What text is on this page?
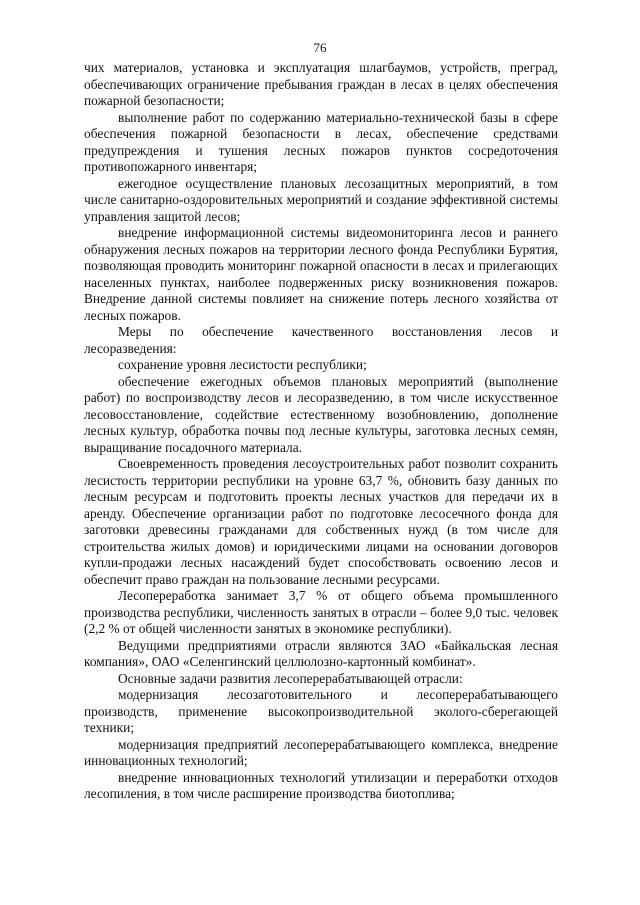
76

чих материалов, установка и эксплуатация шлагбаумов, устройств, преград, обеспечивающих ограничение пребывания граждан в лесах в целях обеспечения пожарной безопасности;

выполнение работ по содержанию материально-технической базы в сфере обеспечения пожарной безопасности в лесах, обеспечение средствами предупреждения и тушения лесных пожаров пунктов сосредоточения противопожарного инвентаря;

ежегодное осуществление плановых лесозащитных мероприятий, в том числе санитарно-оздоровительных мероприятий и создание эффективной системы управления защитой лесов;

внедрение информационной системы видеомониторинга лесов и раннего обнаружения лесных пожаров на территории лесного фонда Республики Бурятия, позволяющая проводить мониторинг пожарной опасности в лесах и прилегающих населенных пунктах, наиболее подверженных риску возникновения пожаров. Внедрение данной системы повлияет на снижение потерь лесного хозяйства от лесных пожаров.

Меры по обеспечение качественного восстановления лесов и лесоразведения:

сохранение уровня лесистости республики;

обеспечение ежегодных объемов плановых мероприятий (выполнение работ) по воспроизводству лесов и лесоразведению, в том числе искусственное лесовосстановление, содействие естественному возобновлению, дополнение лесных культур, обработка почвы под лесные культуры, заготовка лесных семян, выращивание посадочного материала.

Своевременность проведения лесоустроительных работ позволит сохранить лесистость территории республики на уровне 63,7 %, обновить базу данных по лесным ресурсам и подготовить проекты лесных участков для передачи их в аренду. Обеспечение организации работ по подготовке лесосечного фонда для заготовки древесины гражданами для собственных нужд (в том числе для строительства жилых домов) и юридическими лицами на основании договоров купли-продажи лесных насаждений будет способствовать освоению лесов и обеспечит право граждан на пользование лесными ресурсами.

Лесопереработка занимает 3,7 % от общего объема промышленного производства республики, численность занятых в отрасли – более 9,0 тыс. человек (2,2 % от общей численности занятых в экономике республики).

Ведущими предприятиями отрасли являются ЗАО «Байкальская лесная компания», ОАО «Селенгинский целлюлозно-картонный комбинат».

Основные задачи развития лесоперерабатывающей отрасли:

модернизация лесозаготовительного и лесоперерабатывающего производств, применение высокопроизводительной эколого-сберегающей техники;

модернизация предприятий лесоперерабатывающего комплекса, внедрение инновационных технологий;

внедрение инновационных технологий утилизации и переработки отходов лесопиления, в том числе расширение производства биотоплива;
